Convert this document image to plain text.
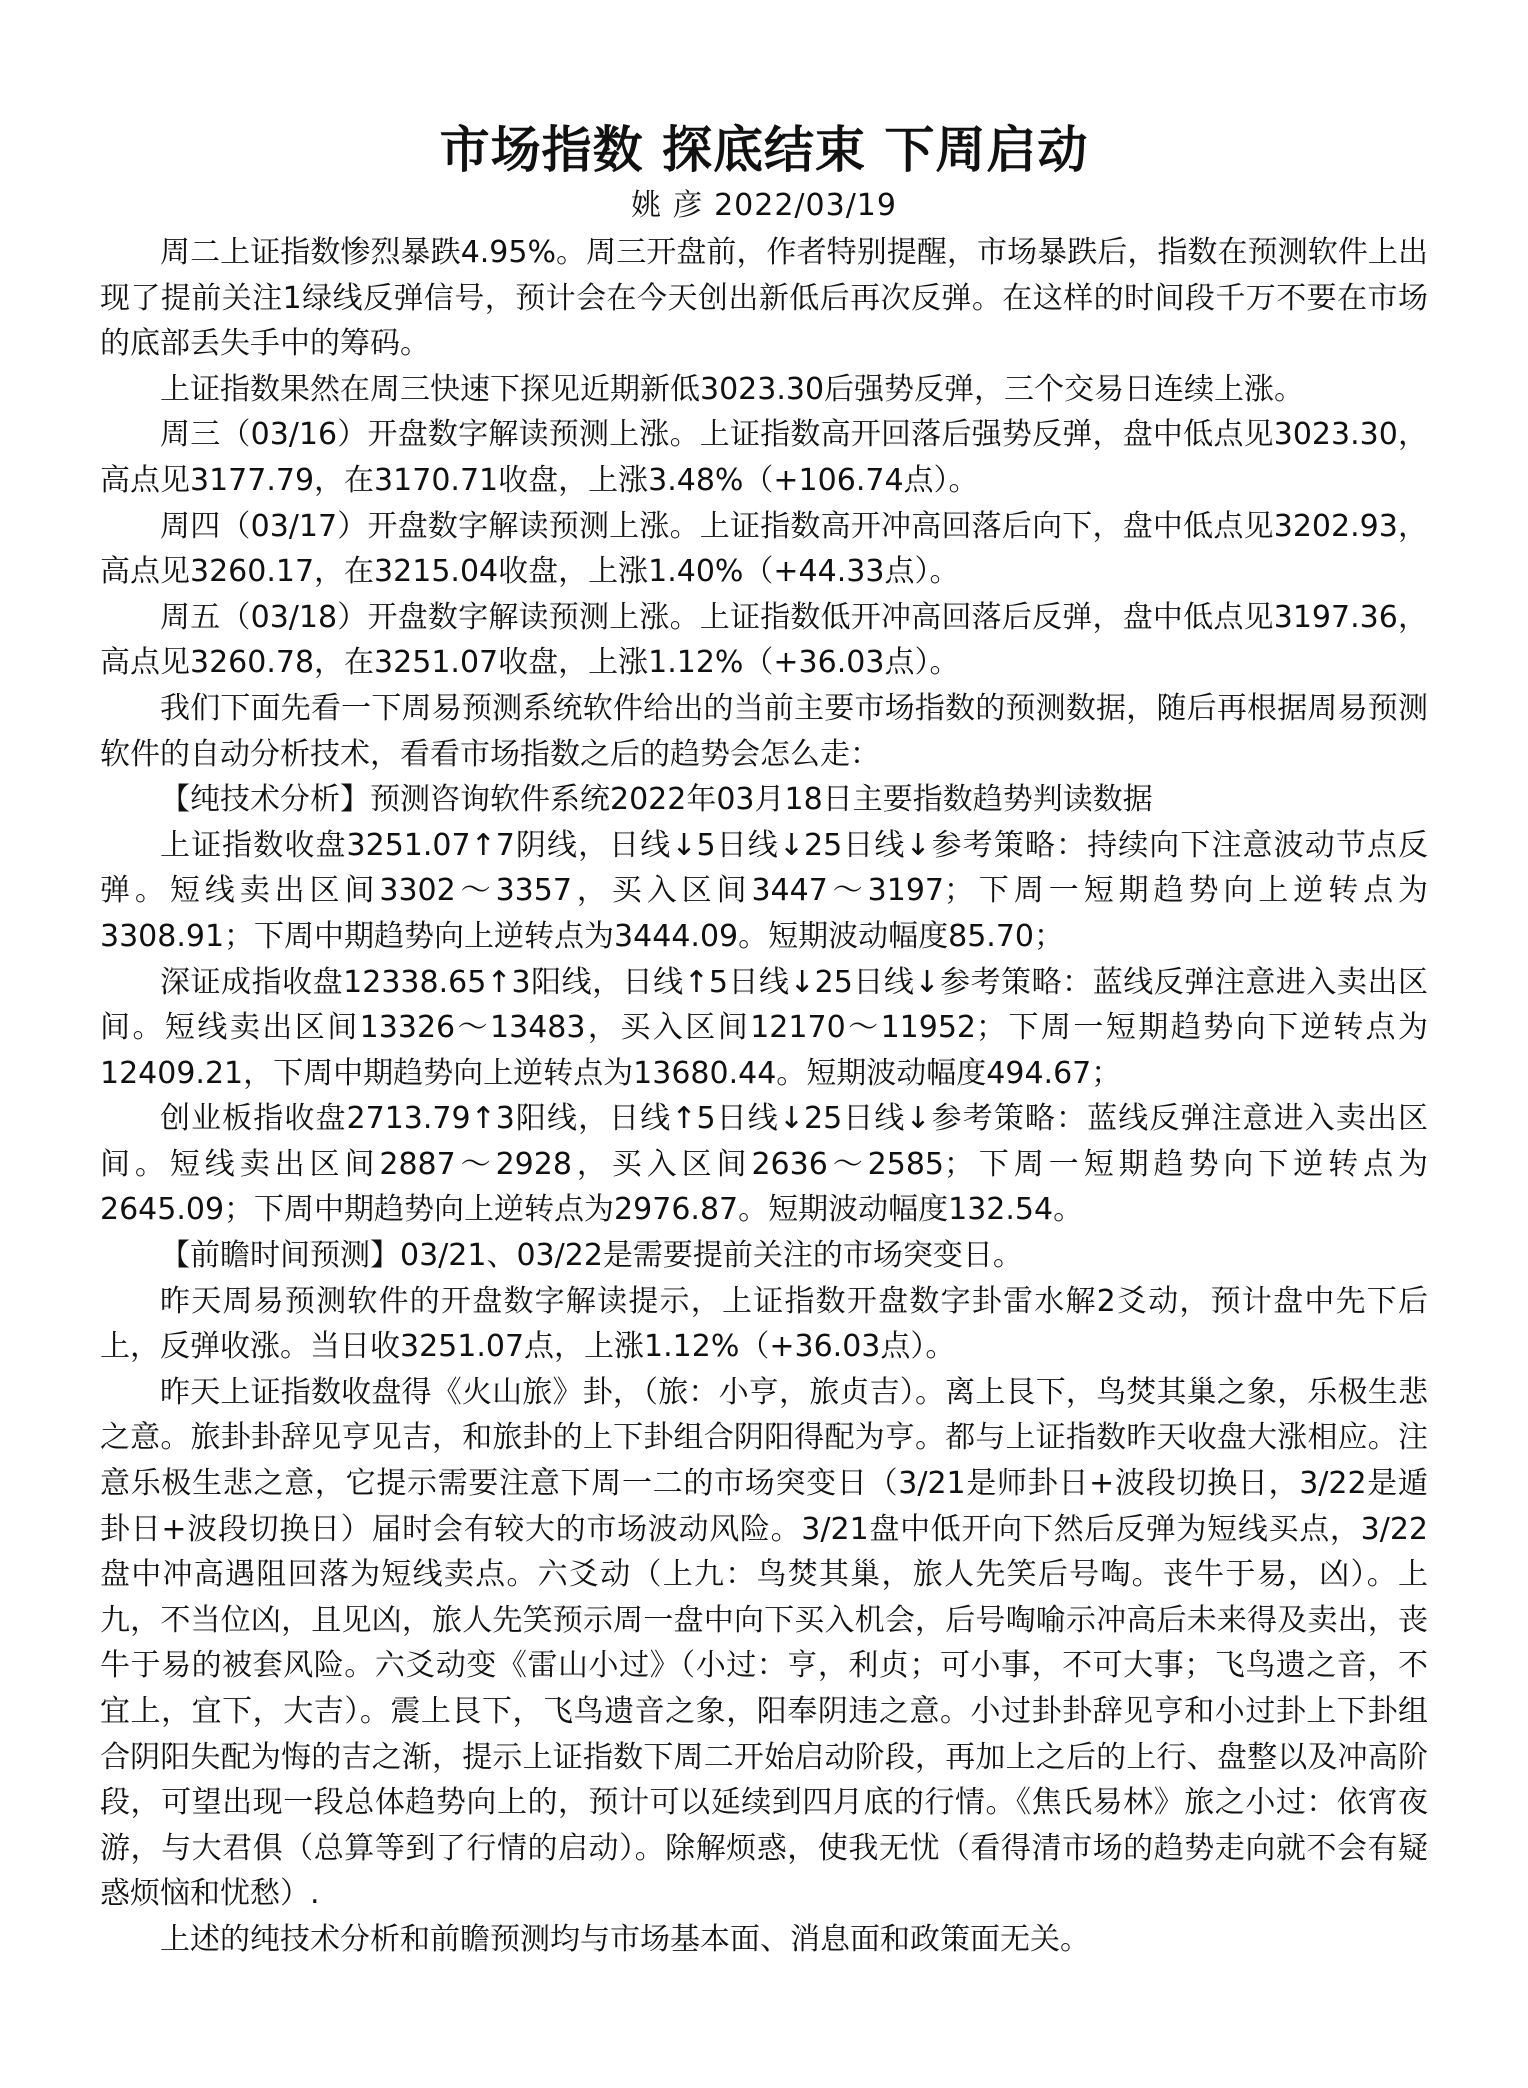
市场指数 探底结束 下周启动
姚 彦 2022/03/19

周二上证指数惨烈暴跌4.95%。周三开盘前，作者特别提醒，市场暴跌后，指数在预测软件上出现了提前关注1绿线反弹信号，预计会在今天创出新低后再次反弹。在这样的时间段千万不要在市场的底部丢失手中的筹码。

上证指数果然在周三快速下探见近期新低3023.30后强势反弹，三个交易日连续上涨。

周三（03/16）开盘数字解读预测上涨。上证指数高开回落后强势反弹，盘中低点见3023.30，高点见3177.79，在3170.71收盘，上涨3.48%（+106.74点）。

周四（03/17）开盘数字解读预测上涨。上证指数高开冲高回落后向下，盘中低点见3202.93，高点见3260.17，在3215.04收盘，上涨1.40%（+44.33点）。

周五（03/18）开盘数字解读预测上涨。上证指数低开冲高回落后反弹，盘中低点见3197.36，高点见3260.78，在3251.07收盘，上涨1.12%（+36.03点）。

我们下面先看一下周易预测系统软件给出的当前主要市场指数的预测数据，随后再根据周易预测软件的自动分析技术，看看市场指数之后的趋势会怎么走：

【纯技术分析】预测咨询软件系统2022年03月18日主要指数趋势判读数据

上证指数收盘3251.07↑7阴线，日线↓5日线↓25日线↓参考策略：持续向下注意波动节点反弹。短线卖出区间3302～3357，买入区间3447～3197；下周一短期趋势向上逆转点为3308.91；下周中期趋势向上逆转点为3444.09。短期波动幅度85.70；

深证成指收盘12338.65↑3阳线，日线↑5日线↓25日线↓参考策略：蓝线反弹注意进入卖出区间。短线卖出区间13326～13483，买入区间12170～11952；下周一短期趋势向下逆转点为12409.21，下周中期趋势向上逆转点为13680.44。短期波动幅度494.67；

创业板指收盘2713.79↑3阳线，日线↑5日线↓25日线↓参考策略：蓝线反弹注意进入卖出区间。短线卖出区间2887～2928，买入区间2636～2585；下周一短期趋势向下逆转点为2645.09；下周中期趋势向上逆转点为2976.87。短期波动幅度132.54。

【前瞻时间预测】03/21、03/22是需要提前关注的市场突变日。

昨天周易预测软件的开盘数字解读提示，上证指数开盘数字卦雷水解2爻动，预计盘中先下后上，反弹收涨。当日收3251.07点，上涨1.12%（+36.03点）。

昨天上证指数收盘得《火山旅》卦，（旅：小亨，旅贞吉）。离上艮下，鸟焚其巢之象，乐极生悲之意。旅卦卦辞见亨见吉，和旅卦的上下卦组合阴阳得配为亨。都与上证指数昨天收盘大涨相应。注意乐极生悲之意，它提示需要注意下周一二的市场突变日（3/21是师卦日+波段切换日，3/22是遁卦日+波段切换日）届时会有较大的市场波动风险。3/21盘中低开向下然后反弹为短线买点，3/22盘中冲高遇阻回落为短线卖点。六爻动（上九：鸟焚其巢，旅人先笑后号啕。丧牛于易，凶）。上九，不当位凶，且见凶，旅人先笑预示周一盘中向下买入机会，后号啕喻示冲高后未来得及卖出，丧牛于易的被套风险。六爻动变《雷山小过》（小过：亨，利贞；可小事，不可大事；飞鸟遗之音，不宜上，宜下，大吉）。震上艮下，飞鸟遗音之象，阳奉阴违之意。小过卦卦辞见亨和小过卦上下卦组合阴阳失配为悔的吉之渐，提示上证指数下周二开始启动阶段，再加上之后的上行、盘整以及冲高阶段，可望出现一段总体趋势向上的，预计可以延续到四月底的行情。《焦氏易林》旅之小过：依宵夜游，与大君俱（总算等到了行情的启动）。除解烦惑，使我无忧（看得清市场的趋势走向就不会有疑惑烦恼和忧愁）.

上述的纯技术分析和前瞻预测均与市场基本面、消息面和政策面无关。
